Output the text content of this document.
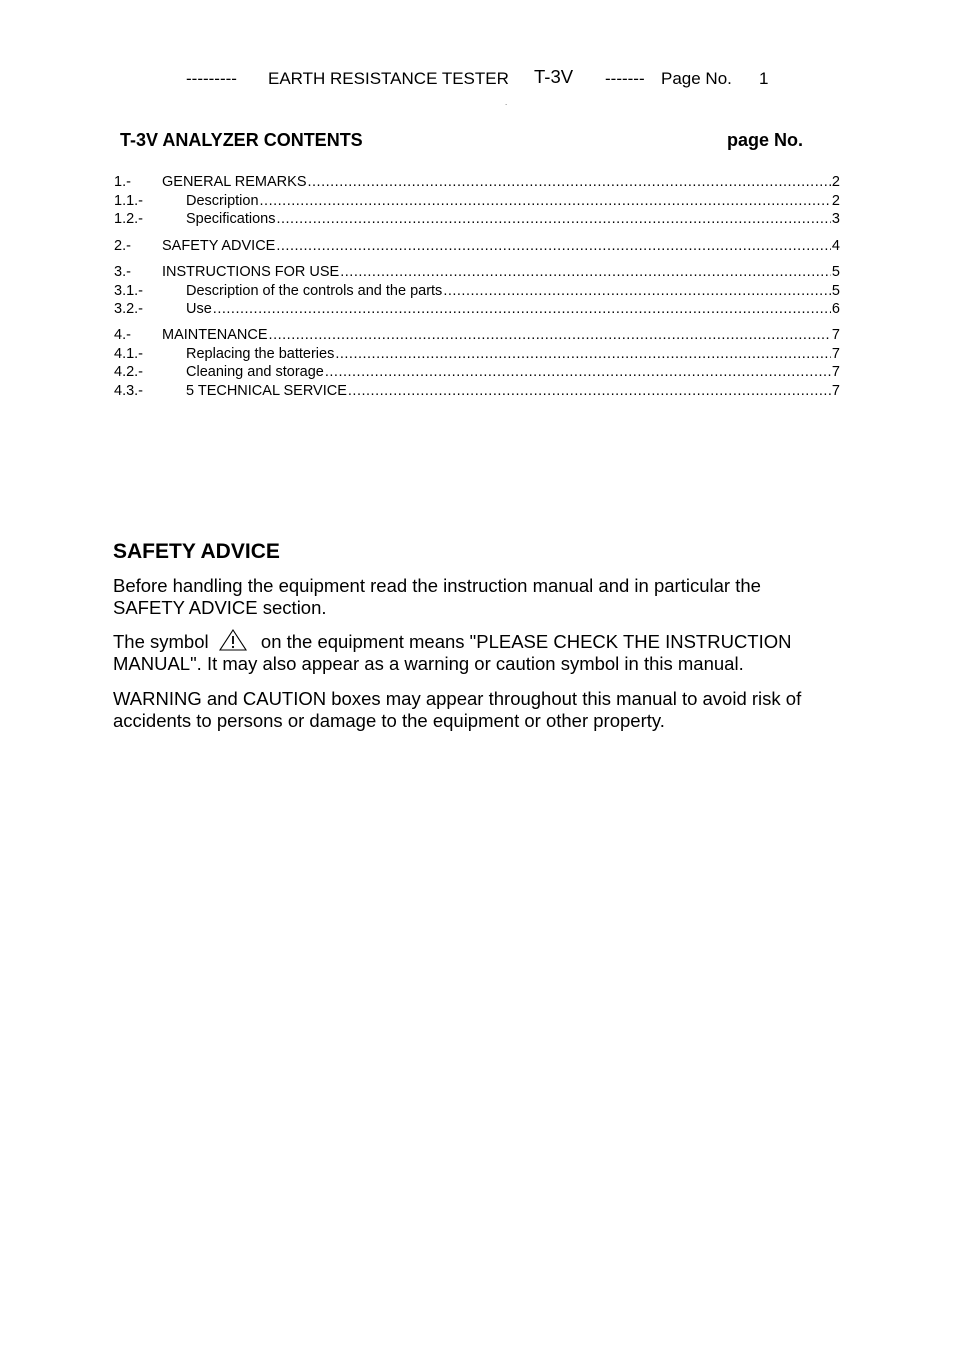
--------- EARTH RESISTANCE TESTER T-3V ------- Page No. 1
.
T-3V ANALYZER CONTENTS	page No.
1.-	GENERAL REMARKS .....	2
1.1.-	Description .....	2
1.2.-	Specifications .....	3
2.-	SAFETY ADVICE .....	4
3.-	INSTRUCTIONS FOR USE .....	5
3.1.-	Description of the controls and the parts .....	5
3.2.-	Use .....	6
4.-	MAINTENANCE .....	7
4.1.-	Replacing the batteries .....	7
4.2.-	Cleaning and storage .....	7
4.3.-	5 TECHNICAL SERVICE .....	7
SAFETY ADVICE
Before handling the equipment read the instruction manual and in particular the
SAFETY ADVICE section.
The symbol	on the equipment means "PLEASE CHECK THE INSTRUCTION
MANUAL". It may also appear as a warning or caution symbol in this manual.
WARNING and CAUTION boxes may appear throughout this manual to avoid risk of
accidents to persons or damage to the equipment or other property.
